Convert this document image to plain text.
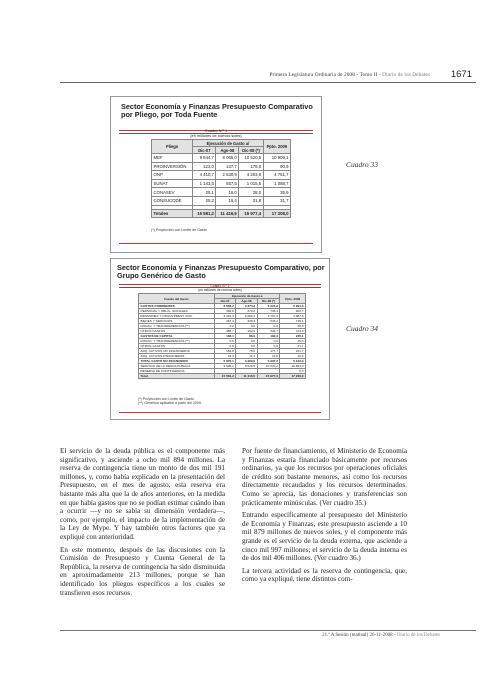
Primera Legislatura Ordinaria de 2008 - Tomo II - Diario de los Debates 1671
Sector Economía y Finanzas Presupuesto Comparativo por Pliego, por Toda Fuente
Cuadro N.º 1
(en millones de nuevos soles)
Pliego	Ejecución de Gasto a/			Ppto. 2009
	Dic-07	Ago-08	Dic-08 (*)	
MEF	9 844,7	8 055,0	10 520,5	10 909,1
PROINVERSIÓN	123,0	137,7	178,0	90,9
ONP	4 410,7	2 630,9	4 203,6	4 751,7
SUNAT	1 143,5	557,5	1 015,5	1 088,7
CONASEV	25,1	16,0	28,0	35,9
CONSUCODE	25,2	19,4	31,8	31,7

Totales	15 581,2	11 416,5	15 977,4	17 208,0
(*) Proyección con Límite de Gasto
Cuadro 33
Sector Economía y Finanzas Presupuesto Comparativo, por Grupo Genérico de Gasto
Cuadro N.º 2
(en millones de nuevos soles)
Fuente del Gasto	Ejecución de Gasto a			Ppto. 2009
	Dic-07	Ago-08	Dic-08 (*)	
GASTOS CORRIENTES	5 083,2	3 374,3	5 321,9	5 991,3
PERSONAL Y OBLIG. SOCIALES	392,8	270,0	736,4	902,7
PENSIONES Y OTRAS PREST. SOC.	3 416,4	2 282,4	3 797,2	3 987,8
BIENES Y SERVICIOS	467,4	328,3	543,4	718,4
DONAC. Y TRANSFERENCIAS (**)	0,0	0,0	0,0	38,8
OTROS GASTOS	466,7	192,6	244,7	113,9
GASTOS DE CAPITAL	183,1	86,9	192,3	235,1
DONAC. Y TRANSFERENCIAS (**)	0,0	0,0	0,0	15,3
OTROS GASTOS	0,0	0,0	0,0	31,1
ADQ. ACTIVOS NO FINANCIEROS	163,8	75,6	177,7	231,7
ADQ. ACTIVOS FINANCIEROS	19,3	11,3	13,6	10,4
TOTAL GASTO NO FINANCIERO	5 876,1	3 490,0	5 937,2	6 132,9
SERVICIO DE LA DEUDA PÚBLICA	9 505,1	8 026,5	10 670,2	10 894,0
RESERVA DE CONTINGENCIA				0,0
Total	15 581,2	11 416,5	15 977,4	17 208,0
(*) Proyección con Límite de Gasto
(**) Genérica aplicable a partir del 2009.
Cuadro 34

El servicio de la deuda pública es el componente más significativo, y asciende a ocho mil 894 millones. La reserva de contingencia tiene un monto de dos mil 191 millones, y, como había explicado en la presentación del Presupuesto, en el mes de agosto, esta reserva era bastante más alta que la de años anteriores, en la medida en que había gastos que no se podían estimar cuándo iban a ocurrir —y no se sabía su dimensión verdadera—, como, por ejemplo, el impacto de la implementación de la Ley de Mype. Y hay también otros factores que ya expliqué con anterioridad.

En este momento, después de las discusiones con la Comisión de Presupuesto y Cuenta General de la República, la reserva de contingencia ha sido disminuida en aproximadamente 213 millones, porque se han identificado los pliegos específicos a los cuales se transfieren esos recursos.

Por fuente de financiamiento, el Ministerio de Economía y Finanzas estaría financiado básicamente por recursos ordinarios, ya que los recursos por operaciones oficiales de crédito son bastante menores, así como los recursos directamente recaudados y los recursos determinados. Como se aprecia, las donaciones y transferencias son prácticamente minúsculas. (Ver cuadro 35.)

Entrando específicamente al presupuesto del Ministerio de Economía y Finanzas, este presupuesto asciende a 10 mil 879 millones de nuevos soles, y el componente más grande es el servicio de la deuda externa, que asciende a cinco mil 997 millones; el servicio de la deuda interna es de dos mil 406 millones. (Ver cuadro 36.)

La tercera actividad es la reserva de contingencia, que, como ya expliqué, tiene distintos com-

21.ª A Sesión (matinal) 26-11-2008 - Diario de los Debates
